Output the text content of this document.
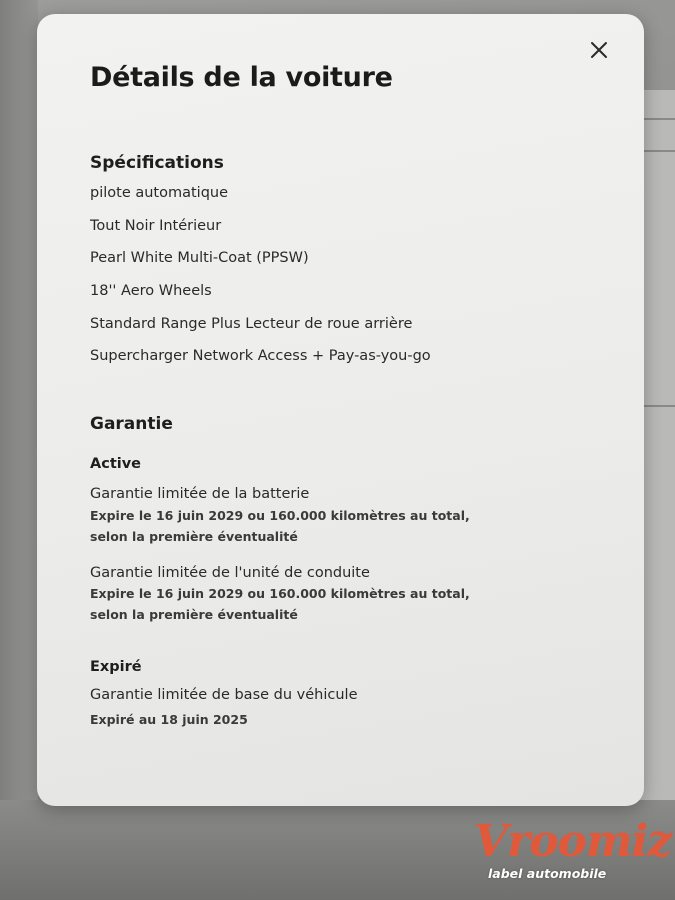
Détails de la voiture
Spécifications
pilote automatique
Tout Noir Intérieur
Pearl White Multi-Coat (PPSW)
18'' Aero Wheels
Standard Range Plus Lecteur de roue arrière
Supercharger Network Access + Pay-as-you-go
Garantie
Active
Garantie limitée de la batterie
Expire le 16 juin 2029 ou 160.000 kilomètres au total, selon la première éventualité
Garantie limitée de l'unité de conduite
Expire le 16 juin 2029 ou 160.000 kilomètres au total, selon la première éventualité
Expiré
Garantie limitée de base du véhicule
Expiré au 18 juin 2025
Vroomiz
label automobile
